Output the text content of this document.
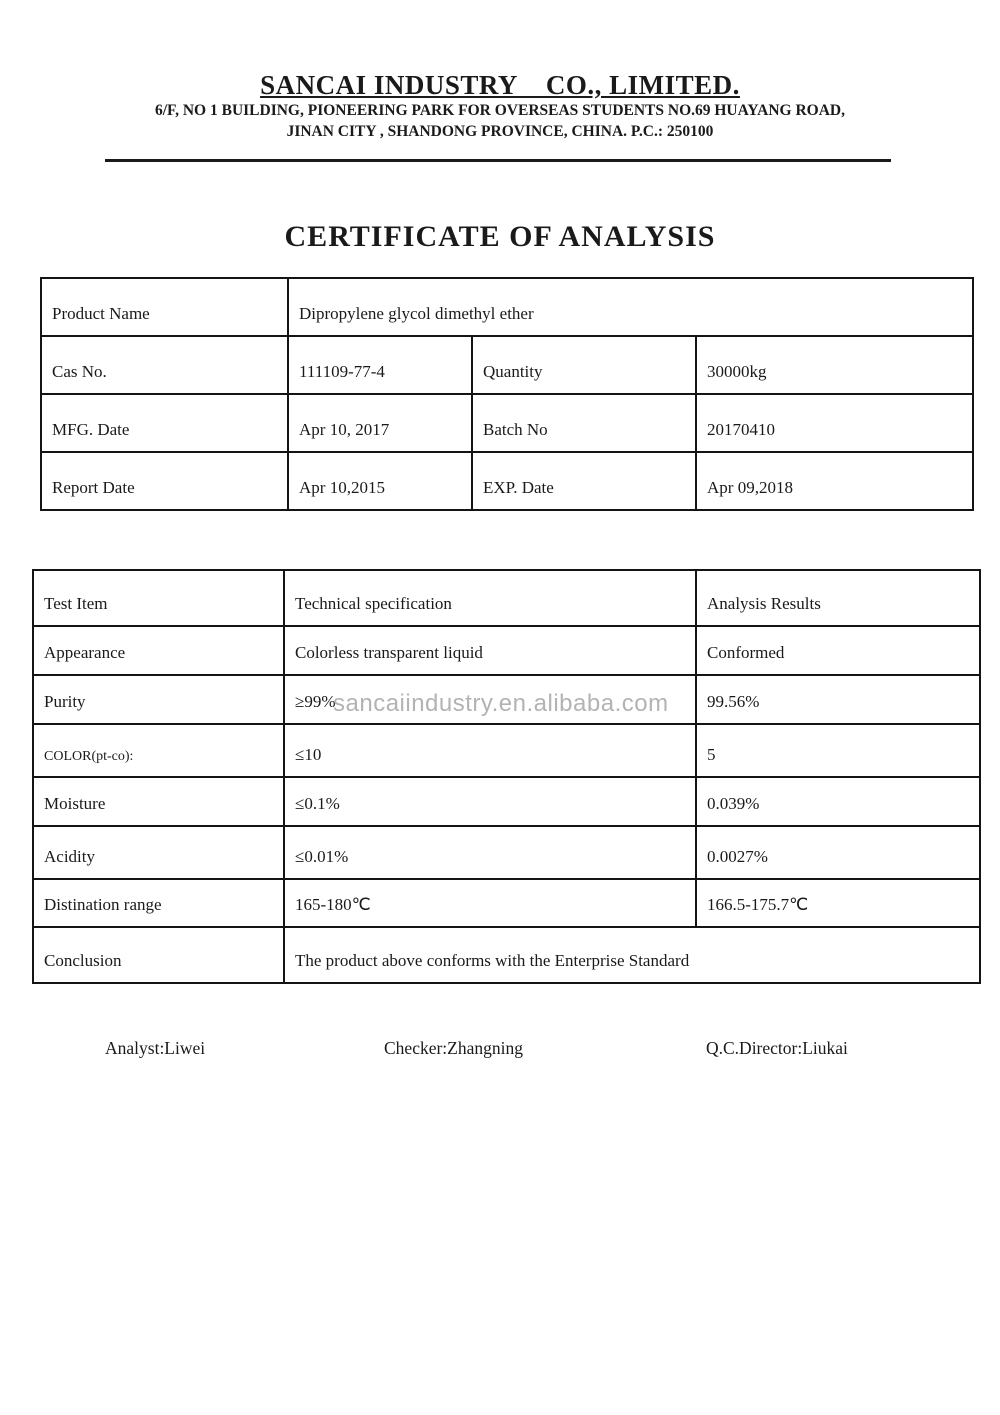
SANCAI INDUSTRY    CO., LIMITED.
6/F, NO 1 BUILDING, PIONEERING PARK FOR OVERSEAS STUDENTS NO.69 HUAYANG ROAD,
JINAN CITY , SHANDONG PROVINCE, CHINA. P.C.: 250100
CERTIFICATE OF ANALYSIS
Product Name	Dipropylene glycol dimethyl ether		
Cas No.	111109-77-4	Quantity	30000kg
MFG. Date	Apr 10, 2017	Batch No	20170410
Report Date	Apr 10,2015	EXP. Date	Apr 09,2018
Test Item	Technical specification	Analysis Results
Appearance	Colorless transparent liquid	Conformed
Purity	≥99%	99.56%
COLOR(pt-co):	≤10	5
Moisture	≤0.1%	0.039%
Acidity	≤0.01%	0.0027%
Distination range	165-180℃	166.5-175.7℃
Conclusion	The product above conforms with the Enterprise Standard	
sancaiindustry.en.alibaba.com
Analyst:Liwei	Checker:Zhangning	Q.C.Director:Liukai
